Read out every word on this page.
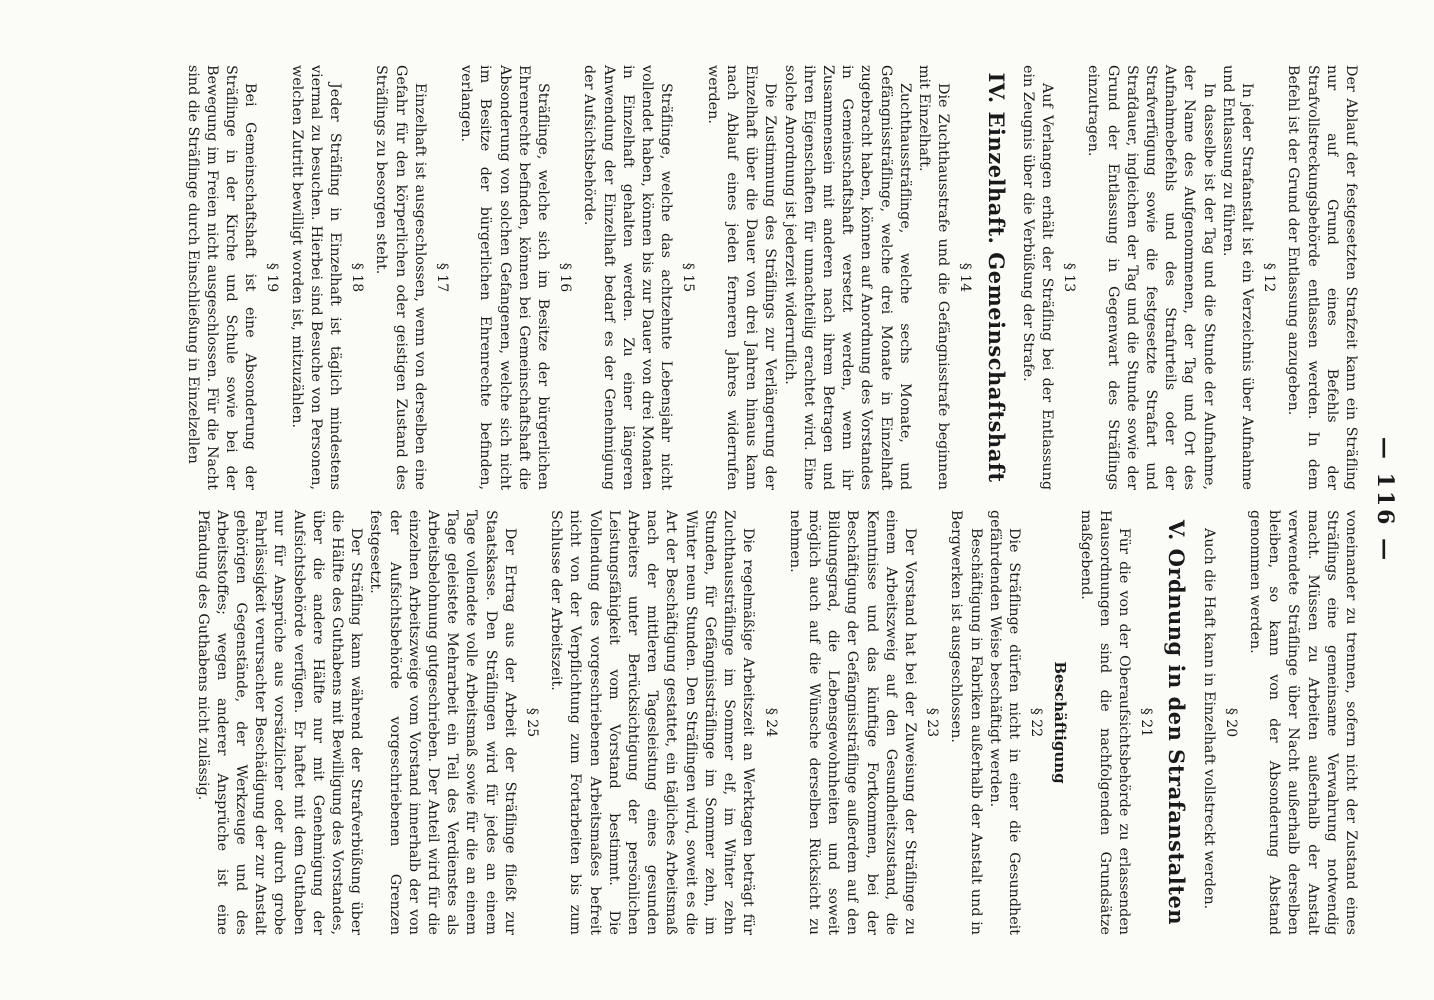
— 116 —

Der Ablauf der festgesetzten Strafzeit kann ein Sträfling nur auf Grund eines Befehls der Strafvollstreckungsbehörde entlassen werden. In dem Befehl ist der Grund der Entlassung anzugeben.

§ 12

In jeder Strafanstalt ist ein Verzeichnis über Aufnahme und Entlassung zu führen.

In dasselbe ist der Tag und die Stunde der Aufnahme, der Name des Aufgenommenen, der Tag und Ort des Aufnahmebefehls und des Strafurteils oder der Strafverfügung sowie die festgesetzte Strafart und Strafdauer, ingleichen der Tag und die Stunde sowie der Grund der Entlassung in Gegenwart des Sträflings einzutragen.

§ 13

Auf Verlangen erhält der Sträfling bei der Entlassung ein Zeugnis über die Verbüßung der Strafe.

IV. Einzelhaft. Gemeinschaftshaft
§ 14

Die Zuchthausstrafe und die Gefängnisstrafe beginnen mit Einzelhaft.

Zuchthaussträflinge, welche sechs Monate, und Gefängnissträflinge, welche drei Monate in Einzelhaft zugebracht haben, können auf Anordnung des Vorstandes in Gemeinschaftshaft versetzt werden, wenn ihr Zusammensein mit anderen nach ihrem Betragen und ihren Eigenschaften für unnachteilig erachtet wird. Eine solche Anordnung ist jederzeit widerruflich.

Die Zustimmung des Sträflings zur Verlängerung der Einzelhaft über die Dauer von drei Jahren hinaus kann nach Ablauf eines jeden ferneren Jahres widerrufen werden.

§ 15

Sträflinge, welche das achtzehnte Lebensjahr nicht vollendet haben, können bis zur Dauer von drei Monaten in Einzelhaft gehalten werden. Zu einer längeren Anwendung der Einzelhaft bedarf es der Genehmigung der Aufsichtsbehörde.

§ 16

Sträflinge, welche sich im Besitze der bürgerlichen Ehrenrechte befinden, können bei Gemeinschaftshaft die Absonderung von solchen Gefangenen, welche sich nicht im Besitze der bürgerlichen Ehrenrechte befinden, verlangen.

§ 17

Einzelhaft ist ausgeschlossen, wenn von derselben eine Gefahr für den körperlichen oder geistigen Zustand des Sträflings zu besorgen steht.

§ 18

Jeder Sträfling in Einzelhaft ist täglich mindestens viermal zu besuchen. Hierbei sind Besuche von Personen, welchen Zutritt bewilligt worden ist, mitzuzählen.

§ 19

Bei Gemeinschaftshaft ist eine Absonderung der Sträflinge in der Kirche und Schule sowie bei der Bewegung im Freien nicht ausgeschlossen. Für die Nacht sind die Sträflinge durch Einschließung in Einzelzellen

voneinander zu trennen, sofern nicht der Zustand eines Sträflings eine gemeinsame Verwahrung notwendig macht. Müssen zu Arbeiten außerhalb der Anstalt verwendete Sträflinge über Nacht außerhalb derselben bleiben, so kann von der Absonderung Abstand genommen werden.

§ 20

Auch die Haft kann in Einzelhaft vollstreckt werden.

V. Ordnung in den Strafanstalten
§ 21

Für die von der Oberaufsichtsbehörde zu erlassenden Hausordnungen sind die nachfolgenden Grundsätze maßgebend.

Beschäftigung
§ 22

Die Sträflinge dürfen nicht in einer die Gesundheit gefährdenden Weise beschäftigt werden.

Beschäftigung in Fabriken außerhalb der Anstalt und in Bergwerken ist ausgeschlossen.

§ 23

Der Vorstand hat bei der Zuweisung der Sträflinge zu einem Arbeitszweig auf den Gesundheitszustand, die Kenntnisse und das künftige Fortkommen, bei der Beschäftigung der Gefängnissträflinge außerdem auf den Bildungsgrad, die Lebensgewohnheiten und soweit möglich auch auf die Wünsche derselben Rücksicht zu nehmen.

§ 24

Die regelmäßige Arbeitszeit an Werktagen beträgt für Zuchthaussträflinge im Sommer elf, im Winter zehn Stunden, für Gefängnissträflinge im Sommer zehn, im Winter neun Stunden. Den Sträflingen wird, soweit es die Art der Beschäftigung gestattet, ein tägliches Arbeitsmaß nach der mittleren Tagesleistung eines gesunden Arbeiters unter Berücksichtigung der persönlichen Leistungsfähigkeit vom Vorstand bestimmt. Die Vollendung des vorgeschriebenen Arbeitsmaßes befreit nicht von der Verpflichtung zum Fortarbeiten bis zum Schlusse der Arbeitszeit.

§ 25

Der Ertrag aus der Arbeit der Sträflinge fließt zur Staatskasse. Den Sträflingen wird für jedes an einem Tage vollendete volle Arbeitsmaß sowie für die an einem Tage geleistete Mehrarbeit ein Teil des Verdienstes als Arbeitsbelohnung gutgeschrieben. Der Anteil wird für die einzelnen Arbeitszweige vom Vorstand innerhalb der von der Aufsichtsbehörde vorgeschriebenen Grenzen festgesetzt.

Der Sträfling kann während der Strafverbüßung über die Hälfte des Guthabens mit Bewilligung des Vorstandes, über die andere Hälfte nur mit Genehmigung der Aufsichtsbehörde verfügen. Er haftet mit dem Guthaben nur für Ansprüche aus vorsätzlicher oder durch grobe Fahrlässigkeit verursachter Beschädigung der zur Anstalt gehörigen Gegenstände, der Werkzeuge und des Arbeitsstoffes; wegen anderer Ansprüche ist eine Pfändung des Guthabens nicht zulässig.
